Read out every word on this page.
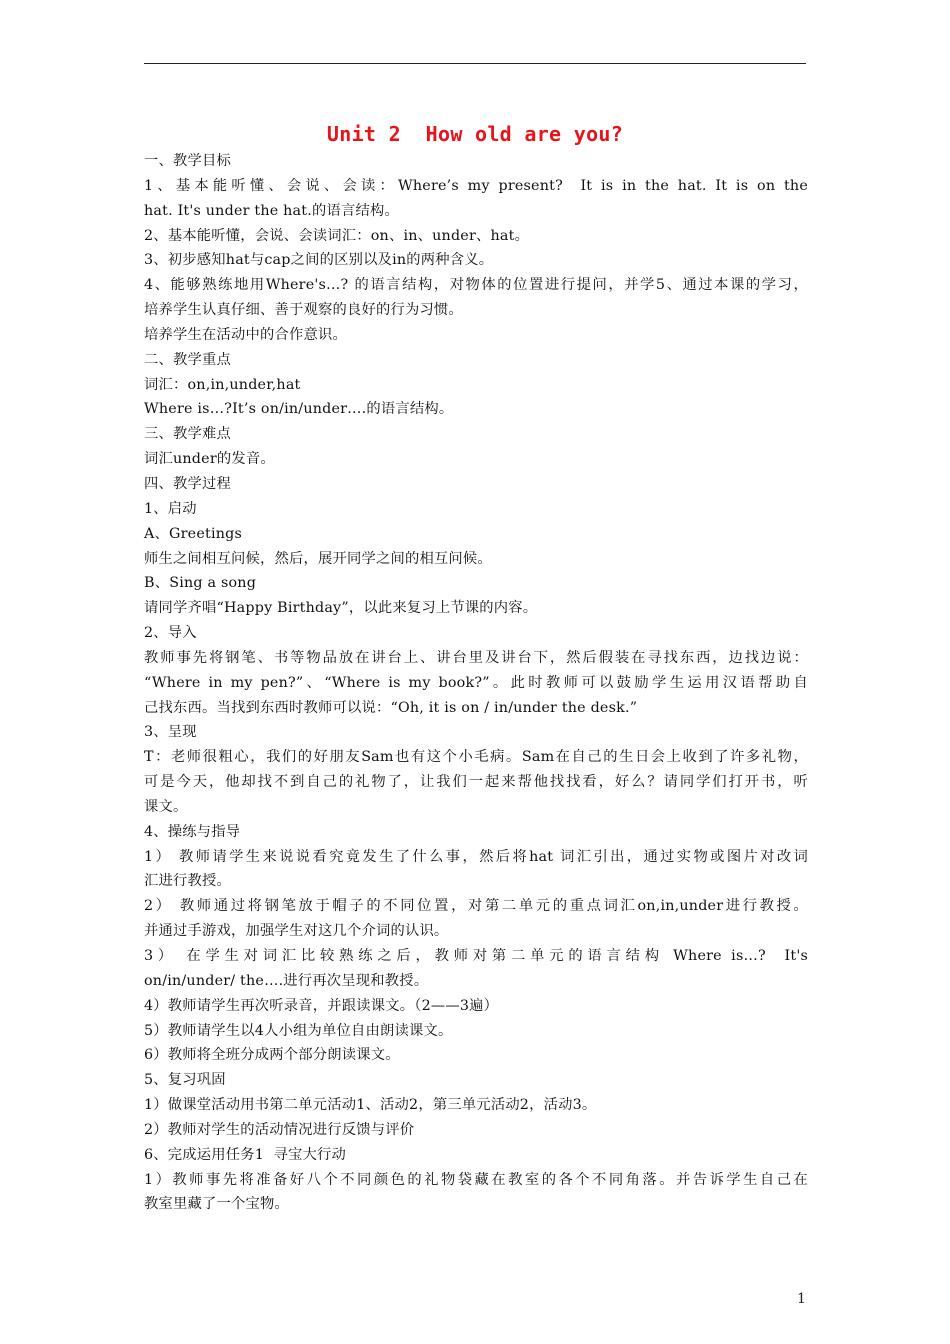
Unit 2  How old are you?
一、教学目标
1、基本能听懂、会说、会读：Where’s my present?  It is in the hat. It is on the
hat. It's under the hat.的语言结构。
2、基本能听懂，会说、会读词汇：on、in、under、hat。
3、初步感知hat与cap之间的区别以及in的两种含义。
4、能够熟练地用Where's…? 的语言结构，对物体的位置进行提问，并学5、通过本课的学习，
培养学生认真仔细、善于观察的良好的行为习惯。
培养学生在活动中的合作意识。
二、教学重点
词汇：on,in,under,hat
Where is…?It’s on/in/under….的语言结构。
三、教学难点
词汇under的发音。
四、教学过程
1、启动
A、Greetings
师生之间相互问候，然后，展开同学之间的相互问候。
B、Sing a song
请同学齐唱“Happy Birthday”，以此来复习上节课的内容。
2、导入
教师事先将钢笔、书等物品放在讲台上、讲台里及讲台下，然后假装在寻找东西，边找边说：
“Where in my pen?”、“Where is my book?”。此时教师可以鼓励学生运用汉语帮助自
己找东西。当找到东西时教师可以说：“Oh, it is on / in/under the desk.”
3、呈现
T：老师很粗心，我们的好朋友Sam也有这个小毛病。Sam在自己的生日会上收到了许多礼物，
可是今天，他却找不到自己的礼物了，让我们一起来帮他找找看，好么？请同学们打开书，听
课文。
4、操练与指导
1） 教师请学生来说说看究竟发生了什么事，然后将hat 词汇引出，通过实物或图片对改词
汇进行教授。
2） 教师通过将钢笔放于帽子的不同位置，对第二单元的重点词汇on,in,under进行教授。
并通过手游戏，加强学生对这几个介词的认识。
3） 在学生对词汇比较熟练之后，教师对第二单元的语言结构 Where is…?  It's
on/in/under/ the….进行再次呈现和教授。
4）教师请学生再次听录音，并跟读课文。（2——3遍）
5）教师请学生以4人小组为单位自由朗读课文。
6）教师将全班分成两个部分朗读课文。
5、复习巩固
1）做课堂活动用书第二单元活动1、活动2，第三单元活动2，活动3。
2）教师对学生的活动情况进行反馈与评价
6、完成运用任务1  寻宝大行动
1）教师事先将准备好八个不同颜色的礼物袋藏在教室的各个不同角落。并告诉学生自己在
教室里藏了一个宝物。
1
